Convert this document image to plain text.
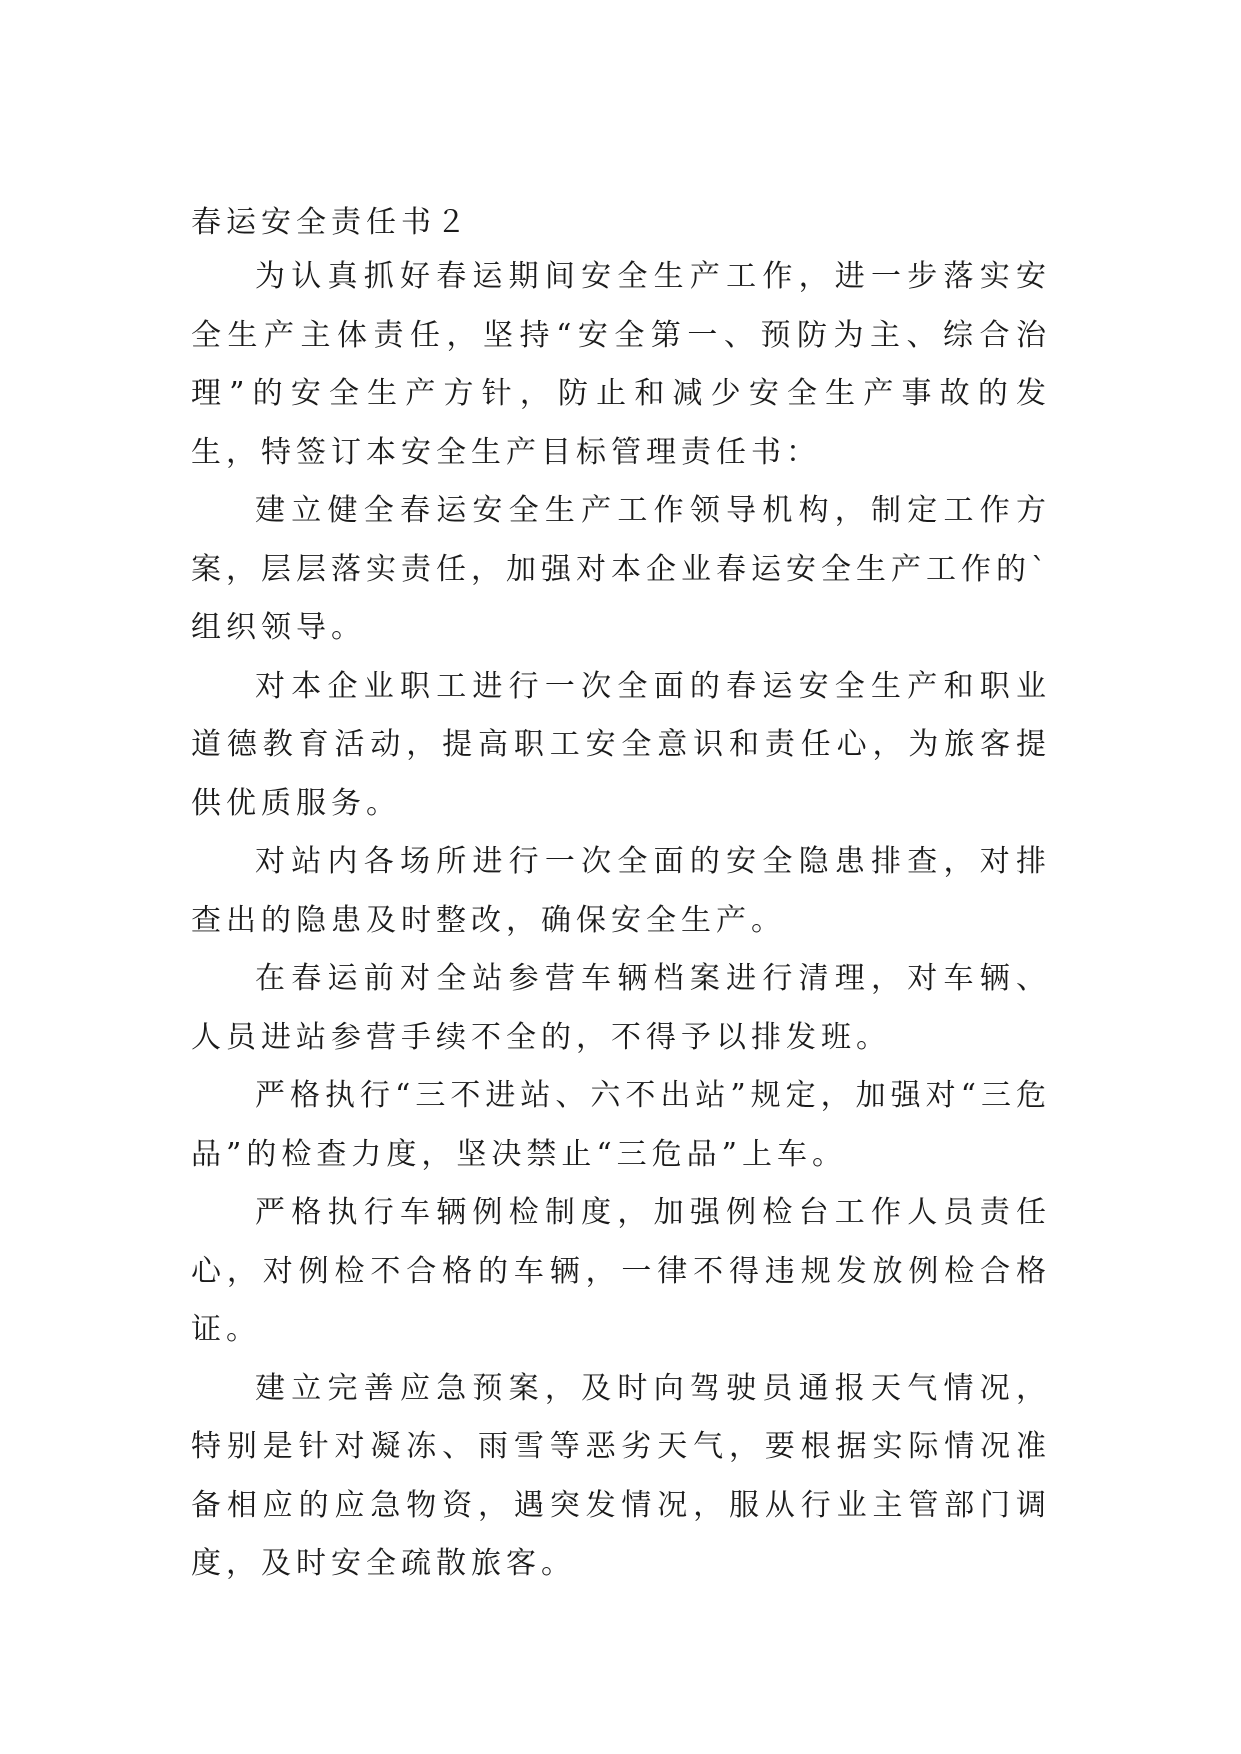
春运安全责任书２

为认真抓好春运期间安全生产工作，进一步落实安全生产主体责任，坚持“安全第一、预防为主、综合治理”的安全生产方针，防止和减少安全生产事故的发生，特签订本安全生产目标管理责任书：

建立健全春运安全生产工作领导机构，制定工作方案，层层落实责任，加强对本企业春运安全生产工作的`组织领导。

对本企业职工进行一次全面的春运安全生产和职业道德教育活动，提高职工安全意识和责任心，为旅客提供优质服务。

对站内各场所进行一次全面的安全隐患排查，对排查出的隐患及时整改，确保安全生产。

在春运前对全站参营车辆档案进行清理，对车辆、人员进站参营手续不全的，不得予以排发班。

严格执行“三不进站、六不出站”规定，加强对“三危品”的检查力度，坚决禁止“三危品”上车。

严格执行车辆例检制度，加强例检台工作人员责任心，对例检不合格的车辆，一律不得违规发放例检合格证。

建立完善应急预案，及时向驾驶员通报天气情况，特别是针对凝冻、雨雪等恶劣天气，要根据实际情况准备相应的应急物资，遇突发情况，服从行业主管部门调度，及时安全疏散旅客。
